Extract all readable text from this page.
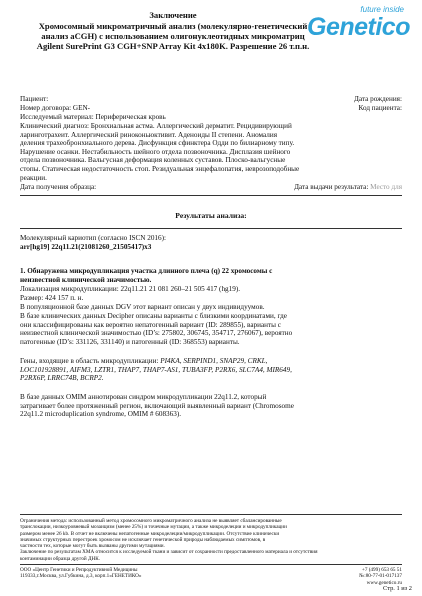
future inside
Genetico
Заключение
Хромосомный микроматричный анализ (молекулярно-генетический
анализ aCGH) с использованием олигонуклеотидных микроматриц
Agilent SurePrint G3 CGH+SNP Array Kit 4x180K. Разрешение 26 т.п.н.
Пациент:	Дата рождения:
Номер договора: GEN-	Код пациента:
Исследуемый материал: Периферическая кровь
Клинический диагноз: Бронхиальная астма. Аллергический дерматит. Рецидивирующий
ларинготрахеит. Аллергический риноконьюктивит. Аденоиды II степени. Аномалия
деления трахеобронхиального дерева. Дисфункция сфинктера Одди по билиарному типу.
Нарушение осанки. Нестабильность шейного отдела позвоночника. Дисплазия шейного
отдела позвоночника. Вальгусная деформация коленных суставов. Плоско-вальгусные
стопы. Статическая недостаточность стоп. Резидуальная энцефалопатия, неврозоподобные
реакции.
Дата получения образца:	Дата выдачи результата: Место для
Результаты анализа:
Молекулярный кариотип (согласно ISCN 2016):
arr[hg19] 22q11.21(21081260_21505417)x3
1. Обнаружена микродупликация участка длинного плеча (q) 22 хромосомы с
неизвестной клинической значимостью.
Локализация микродупликации: 22q11.21 21 081 260–21 505 417 (hg19).
Размер: 424 157 п. н.
В популяционной базе данных DGV этот вариант описан у двух индивидуумов.
В базе клинических данных Decipher описаны варианты с близкими координатами, где
они классифицированы как вероятно непатогенный вариант (ID: 289855), варианты с
неизвестной клинической значимостью (ID’s: 275802, 306745, 354717, 276067), вероятно
патогенные (ID’s: 331126, 331140) и патогенный (ID: 368553) варианты.
Гены, входящие в область микродупликации: PI4KA, SERPIND1, SNAP29, CRKL,
LOC101928891, AIFM3, LZTR1, THAP7, THAP7-AS1, TUBA3FP, P2RX6, SLC7A4, MIR649,
P2RX6P, LRRC74B, BCRP2.
В базе данных OMIM аннотирован синдром микродупликации 22q11.2, который
затрагивает более протяженный регион, включающий выявленный вариант (Chromosome
22q11.2 microduplication syndrome, OMIM # 608363).
Ограничения метода: использованный метод хромосомного микроматричного анализа не выявляет сбалансированные
транслокации, низкоуровневый мозаицизм (менее 25%) и точечные мутации, а также микроделеции и микродупликации
размером менее 26 kb. В отчет не включены непатогенные микроделеции/микродупликации. Отсутствие клинически
значимых структурных перестроек хромосом не исключает генетической природы наблюдаемых симптомов, в
частности тех, которые могут быть вызваны другими мутациями.
Заключение по результатам ХМА относится к исследуемой ткани и зависит от сохранности предоставленного материала и отсутствия
контаминации образца другой ДНК.
ООО «Центр Генетики и Репродуктивной Медицины
119333,г.Москва, ул.Губкина, д.3, корп.1«ГЕНЕТИКО»
+7 (499) 653 65 51
№:80-77-01-017137
www.genetico.ru
Стр. 1 из 2
